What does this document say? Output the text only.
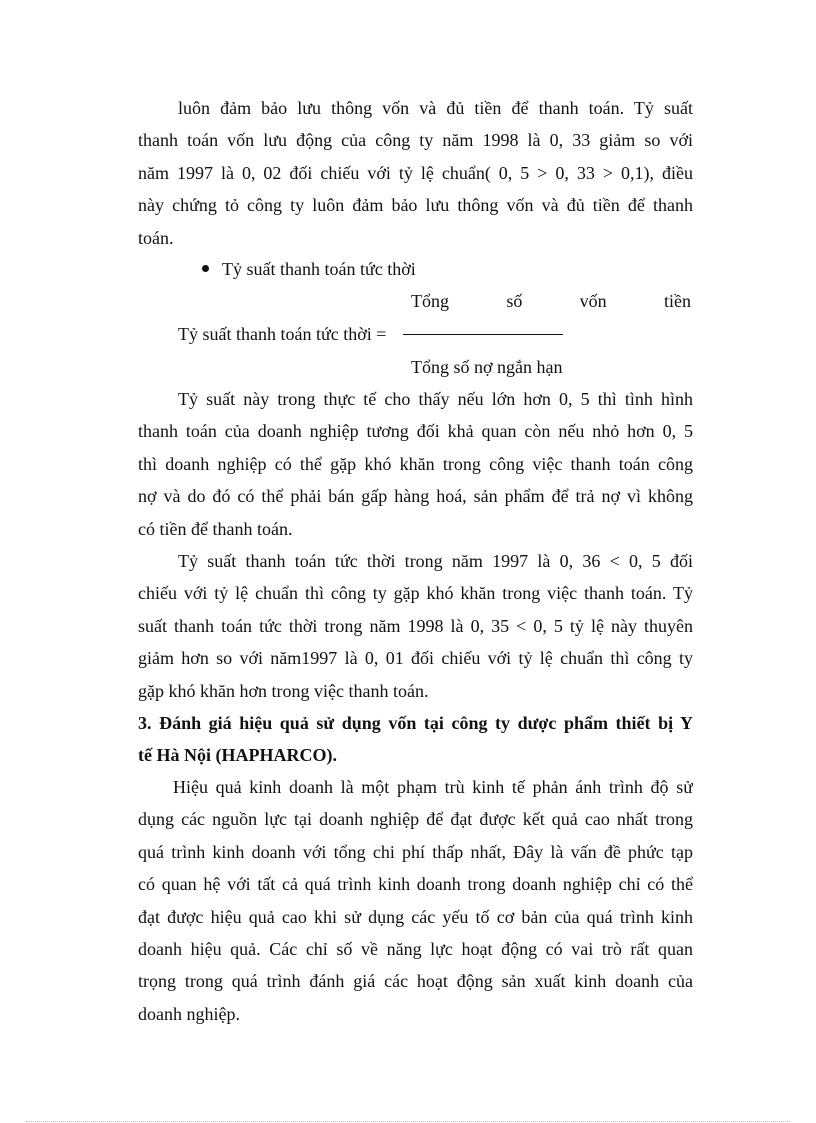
luôn đảm bảo lưu thông vốn và đủ tiền để thanh toán. Tỷ suất
thanh toán vốn lưu động của công ty năm 1998 là 0, 33 giảm so với
năm 1997 là 0, 02 đối chiếu với tỷ lệ chuẩn( 0, 5 > 0, 33 > 0,1), điều
này chứng tỏ công ty luôn đảm bảo lưu thông vốn và đủ tiền để thanh
toán.
Tỷ suất thanh toán tức thời
Tổng	số	vốn	tiền
Tỷ suất thanh toán tức thời =
Tổng số nợ ngắn hạn
Tỷ suất này trong thực tế cho thấy nếu lớn hơn 0, 5 thì tình hình
thanh toán của doanh nghiệp tương đối khả quan còn nếu nhỏ hơn 0, 5
thì doanh nghiệp có thể gặp khó khăn trong công việc thanh toán công
nợ và do đó có thể phải bán gấp hàng hoá, sản phẩm để trả nợ vì không
có tiền để thanh toán.
Tỷ suất thanh toán tức thời trong năm 1997 là 0, 36 < 0, 5 đối
chiếu với tỷ lệ chuẩn thì công ty gặp khó khăn trong việc thanh toán. Tỷ
suất thanh toán tức thời trong năm 1998 là 0, 35 < 0, 5 tỷ lệ này thuyên
giảm hơn so với năm1997 là 0, 01 đối chiếu với tỷ lệ chuẩn thì công ty
gặp khó khăn hơn trong việc thanh toán.
3. Đánh giá hiệu quả sử dụng vốn tại công ty dược phẩm thiết bị Y
tế Hà Nội (HAPHARCO).
Hiệu quả kinh doanh là một phạm trù kinh tế phản ánh trình độ sử
dụng các nguồn lực tại doanh nghiệp để đạt được kết quả cao nhất trong
quá trình kinh doanh với tổng chi phí thấp nhất, Đây là vấn đề phức tạp
có quan hệ với tất cả quá trình kinh doanh trong doanh nghiệp chỉ có thể
đạt được hiệu quả cao khi sử dụng các yếu tố cơ bản của quá trình kinh
doanh hiệu quả. Các chỉ số về năng lực hoạt động có vai trò rất quan
trọng trong quá trình đánh giá các hoạt động sản xuất kinh doanh của
doanh nghiệp.
